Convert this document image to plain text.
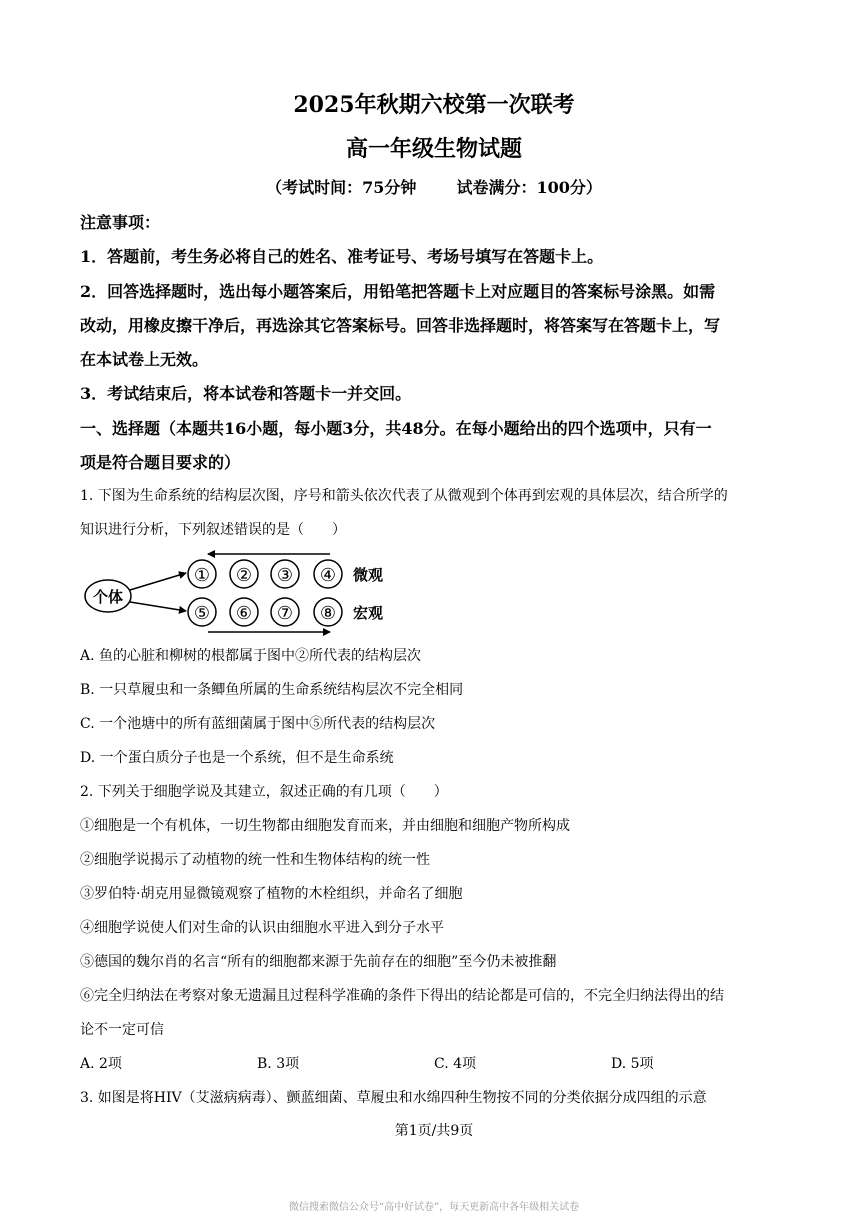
2025年秋期六校第一次联考
高一年级生物试题
（考试时间：75分钟	试卷满分：100分）
注意事项：
1．答题前，考生务必将自己的姓名、准考证号、考场号填写在答题卡上。
2．回答选择题时，选出每小题答案后，用铅笔把答题卡上对应题目的答案标号涂黑。如需
改动，用橡皮擦干净后，再选涂其它答案标号。回答非选择题时，将答案写在答题卡上，写
在本试卷上无效。
3．考试结束后，将本试卷和答题卡一并交回。
一、选择题（本题共16小题，每小题3分，共48分。在每小题给出的四个选项中，只有一
项是符合题目要求的）
1. 下图为生命系统的结构层次图，序号和箭头依次代表了从微观到个体再到宏观的具体层次，结合所学的
知识进行分析，下列叙述错误的是（　　）
个体
① ② ③ ④ 微观
⑤ ⑥ ⑦ ⑧ 宏观
A. 鱼的心脏和柳树的根都属于图中②所代表的结构层次
B. 一只草履虫和一条鲫鱼所属的生命系统结构层次不完全相同
C. 一个池塘中的所有蓝细菌属于图中⑤所代表的结构层次
D. 一个蛋白质分子也是一个系统，但不是生命系统
2. 下列关于细胞学说及其建立，叙述正确的有几项（　　）
①细胞是一个有机体，一切生物都由细胞发育而来，并由细胞和细胞产物所构成
②细胞学说揭示了动植物的统一性和生物体结构的统一性
③罗伯特·胡克用显微镜观察了植物的木栓组织，并命名了细胞
④细胞学说使人们对生命的认识由细胞水平进入到分子水平
⑤德国的魏尔肖的名言“所有的细胞都来源于先前存在的细胞”至今仍未被推翻
⑥完全归纳法在考察对象无遗漏且过程科学准确的条件下得出的结论都是可信的，不完全归纳法得出的结
论不一定可信
A. 2项	B. 3项	C. 4项	D. 5项
3. 如图是将HIV（艾滋病病毒）、颤蓝细菌、草履虫和水绵四种生物按不同的分类依据分成四组的示意
第1页/共9页
微信搜索微信公众号“高中好试卷”，每天更新高中各年级相关试卷
